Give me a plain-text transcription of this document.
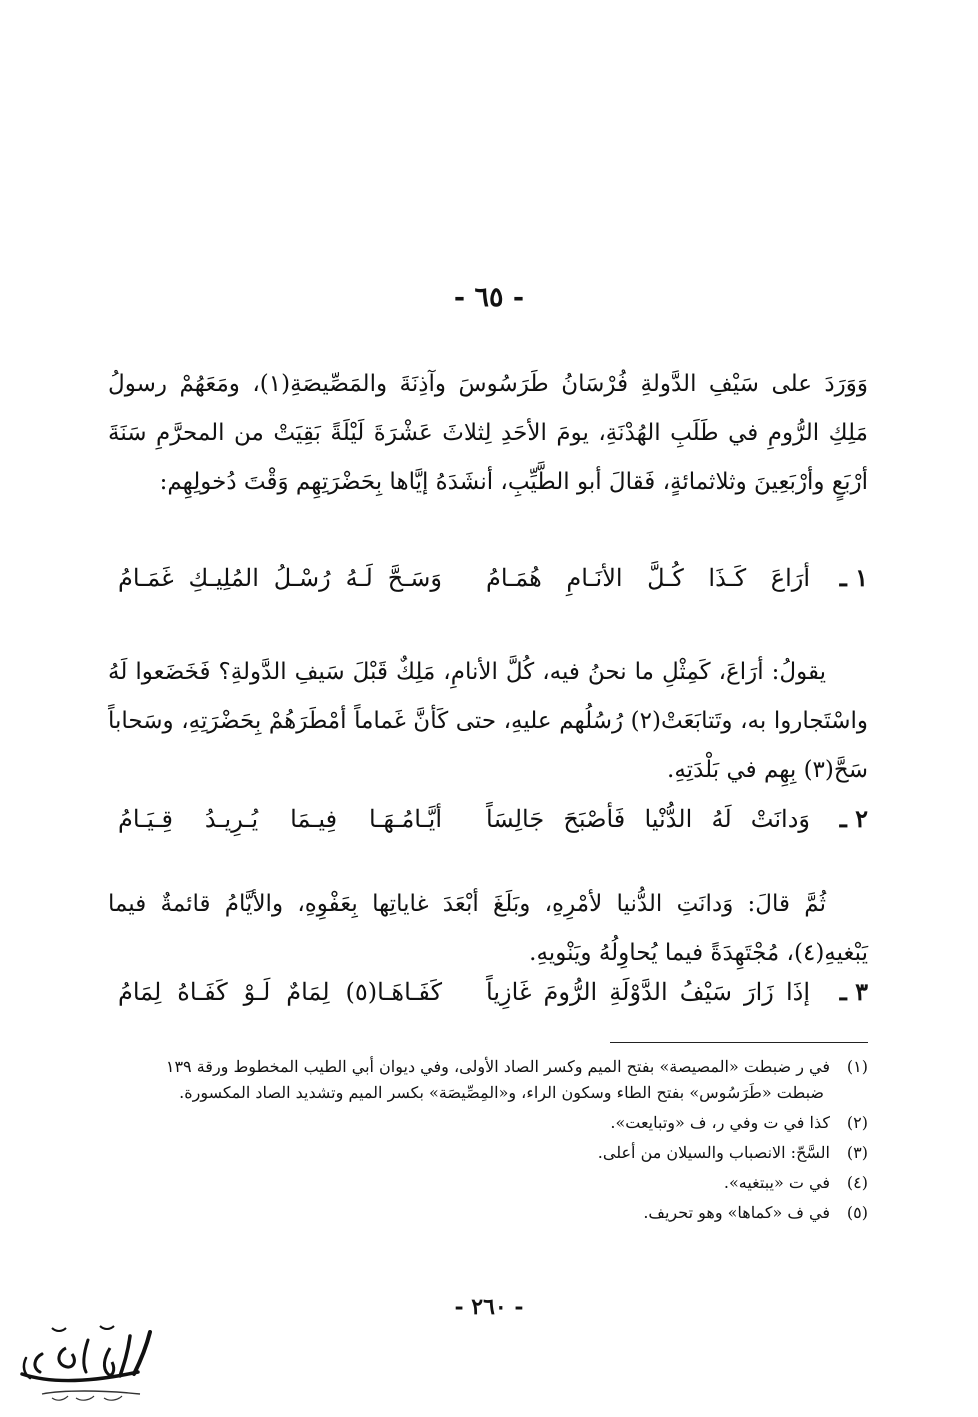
- ٦٥ -

وَوَرَدَ على سَيْفِ الدَّولةِ فُرْسَانُ طَرَسُوسَ وآذِنَةَ والمَصِّيصَةِ(١)، ومَعَهُمْ رسولُ مَلِكِ الرُّومِ في طَلَبِ الهُدْنَةِ، يومَ الأحَدِ لِثلاثَ عَشْرَةَ لَيْلَةً بَقِيَتْ من المحرَّمِ سَنَةَ أرْبَعٍ وأرْبَعِينَ وثلاثمائةٍ، فَقالَ أبو الطَّيِّبِ، أنشَدَهُ إيَّاها بِحَضْرَتِهِم وَقْتَ دُخولِهِم:

١ ـ
أرَاعَ كَـذَا كُـلَّ الأنَـامِ هُمَـامُ
وَسَـحَّ لَـهُ رُسْـلُ المُلِيـكِ غَمَـامُ

يقولُ: أرَاعَ، كَمِثْلِ ما نحنُ فيه، كُلَّ الأنامِ، مَلِكٌ قَبْلَ سَيفِ الدَّولةِ؟ فَخَضَعوا لَهُ واسْتَجاروا به، وتَتابَعَتْ(٢) رُسُلُهم عليهِ، حتى كَأنَّ غَماماً أمْطَرَهُمْ بِحَضْرَتِهِ، وسَحاباً سَحَّ(٣) بِهِم في بَلْدَتِهِ.

٢ ـ
وَدانَتْ لَهُ الدُّنْيا فَأصْبَحَ جَالِسَاً
أيَّـامُـهَـا فِيـمَا يُـرِيـدُ قِـيَـامُ

ثُمَّ قالَ: وَدانَتِ الدُّنيا لأمْرِهِ، وبَلَغَ أبْعَدَ غاياتِها بِعَفْوِهِ، والأيَّامُ قائمةٌ فيما يَبْغيهِ(٤)، مُجْتَهِدَةً فيما يُحاوِلُهُ ويَنْويهِ.

٣ ـ
إذَا زَارَ سَيْفُ الدَّوْلَةِ الرُّومَ غَازِياً
كَفَـاهَـا(٥) لِمَامٌ لَـوْ كَفَـاهُ لِمَامُ

(١)في ر ضبطت «المصيصة» بفتح الميم وكسر الصاد الأولى، وفي ديوان أبي الطيب المخطوط ورقة ١٣٩

ضبطت «طَرَسُوس» بفتح الطاء وسكون الراء، و«المِصِّيصَة» بكسر الميم وتشديد الصاد المكسورة.

(٢)كذا في ت وفي ر، ف «وتبايعت».

(٣)السَّحّ: الانصباب والسيلان من أعلى.

(٤)في ت «يبتغيه».

(٥)في ف «كماها» وهو تحريف.

- ٢٦٠ -
